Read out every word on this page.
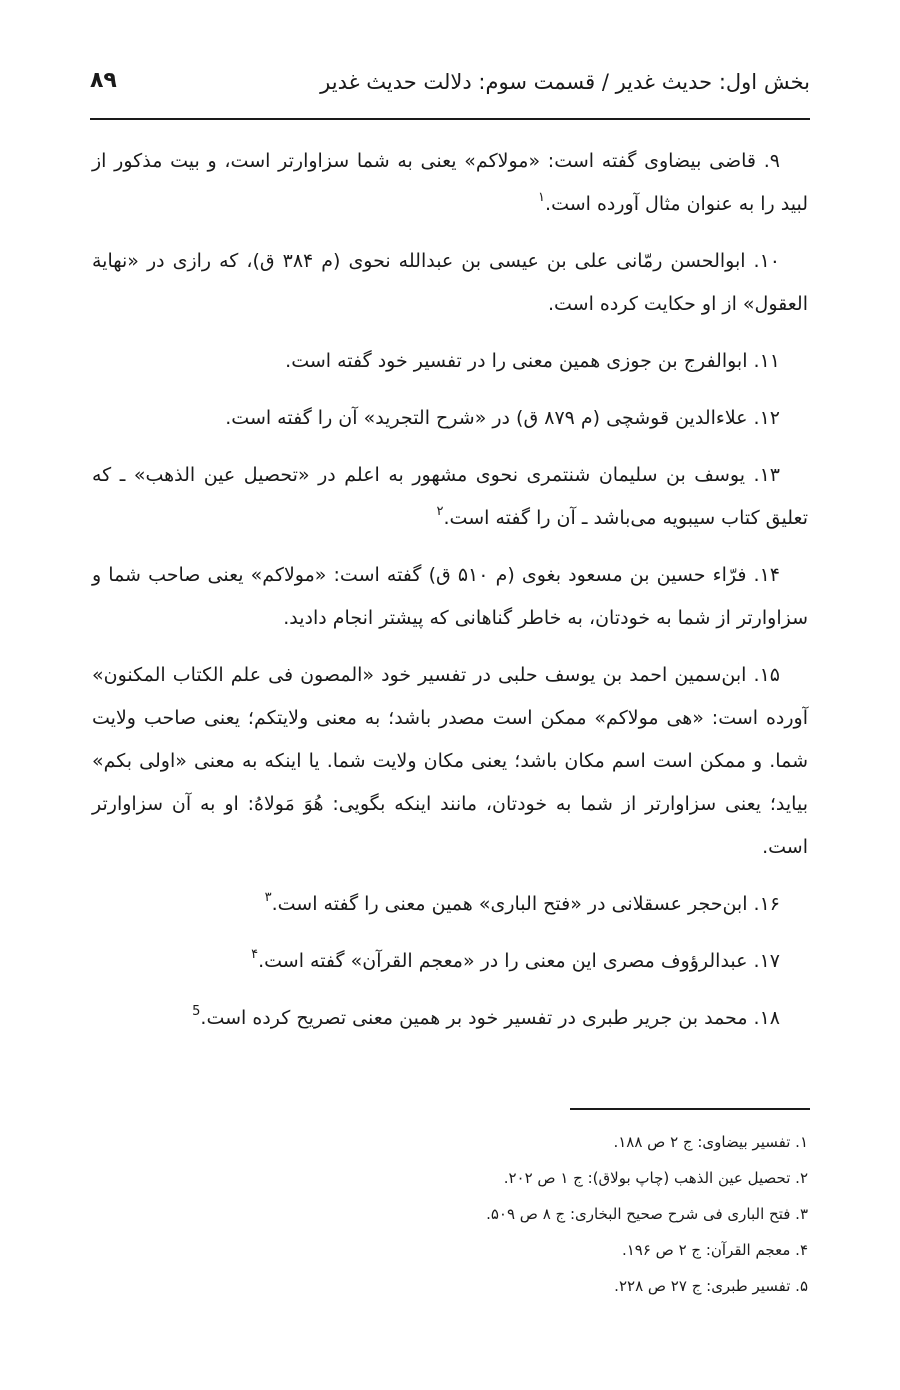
بخش اول: حدیث غدیر / قسمت سوم: دلالت حدیث غدیر
۸۹

۹. قاضی بیضاوی گفته است: «مولاکم» یعنی به شما سزاوارتر است، و بیت مذکور از لبید را به عنوان مثال آورده است.$^۱$

۱۰. ابوالحسن رمّانی علی بن عیسی بن عبدالله نحوی (م ۳۸۴ ق)، که رازی در «نهایة العقول» از او حکایت کرده است.

۱۱. ابوالفرج بن جوزی همین معنی را در تفسیر خود گفته است.

۱۲. علاءالدین قوشچی (م ۸۷۹ ق) در «شرح التجرید» آن را گفته است.

۱۳. یوسف بن سلیمان شنتمری نحوی مشهور به اعلم در «تحصیل عین الذهب» ـ که تعلیق کتاب سیبویه می‌باشد ـ آن را گفته است.$^۲$

۱۴. فرّاء حسین بن مسعود بغوی (م ۵۱۰ ق) گفته است: «مولاکم» یعنی صاحب شما و سزاوارتر از شما به خودتان، به خاطر گناهانی که پیشتر انجام دادید.

۱۵. ابن‌سمین احمد بن یوسف حلبی در تفسیر خود «المصون فی علم الکتاب المکنون» آورده است: «هی مولاکم» ممکن است مصدر باشد؛ به معنی ولایتکم؛ یعنی صاحب ولایت شما. و ممکن است اسم مکان باشد؛ یعنی مکان ولایت شما. یا اینکه به معنی «اولی بکم» بیاید؛ یعنی سزاوارتر از شما به خودتان، مانند اینکه بگویی: هُوَ مَولاهُ: او به آن سزاوارتر است.

۱۶. ابن‌حجر عسقلانی در «فتح الباری» همین معنی را گفته است.$^۳$

۱۷. عبدالرؤوف مصری این معنی را در «معجم القرآن» گفته است.$^۴$

۱۸. محمد بن جریر طبری در تفسیر خود بر همین معنی تصریح کرده است.$^5$

۱. تفسیر بیضاوی: ج ۲ ص ۱۸۸.

۲. تحصیل عین الذهب (چاپ بولاق): ج ۱ ص ۲۰۲.

۳. فتح الباری فی شرح صحیح البخاری: ج ۸ ص ۵۰۹.

۴. معجم القرآن: ج ۲ ص ۱۹۶.

۵. تفسیر طبری: ج ۲۷ ص ۲۲۸.
